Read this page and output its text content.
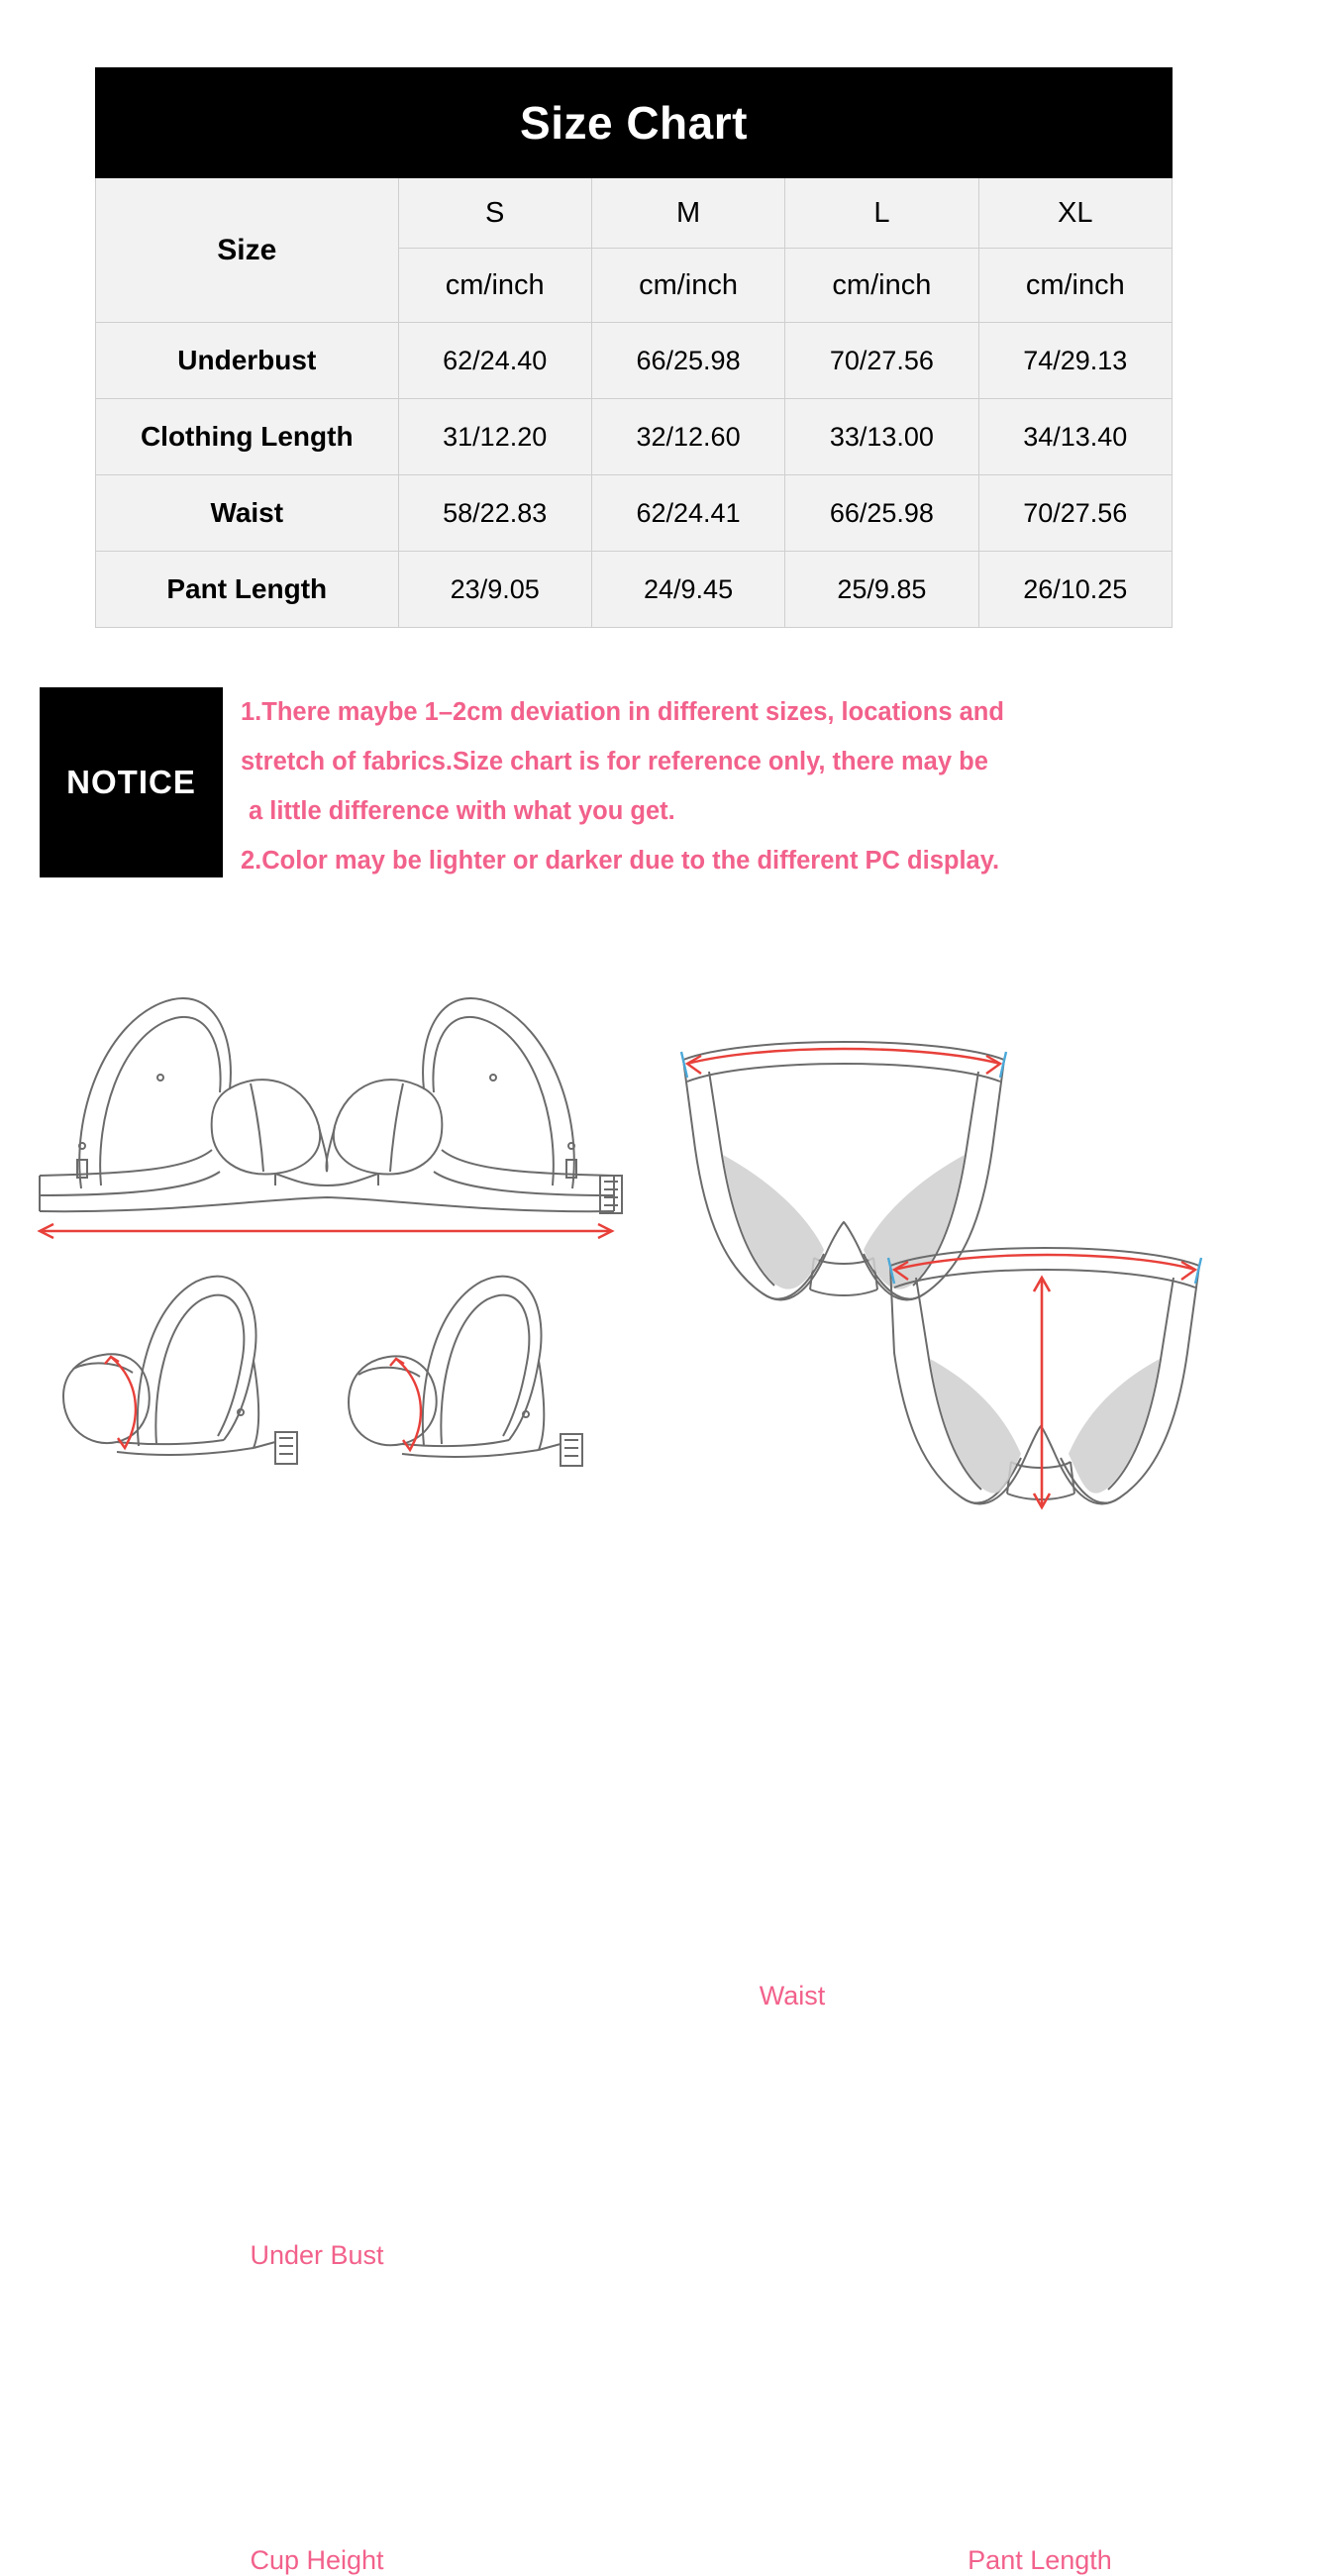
Size Chart				
Size	S	M	L	XL
	cm/inch	cm/inch	cm/inch	cm/inch
Underbust	62/24.40	66/25.98	70/27.56	74/29.13
Clothing Length	31/12.20	32/12.60	33/13.00	34/13.40
Waist	58/22.83	62/24.41	66/25.98	70/27.56
Pant Length	23/9.05	24/9.45	25/9.85	26/10.25
NOTICE

1.There maybe 1–2cm deviation in different sizes, locations and

stretch of fabrics.Size chart is for reference only, there may be

a little difference with what you get.

2.Color may be lighter or darker due to the different PC display.

Under Bust
Cup Height
Waist
Pant Length
